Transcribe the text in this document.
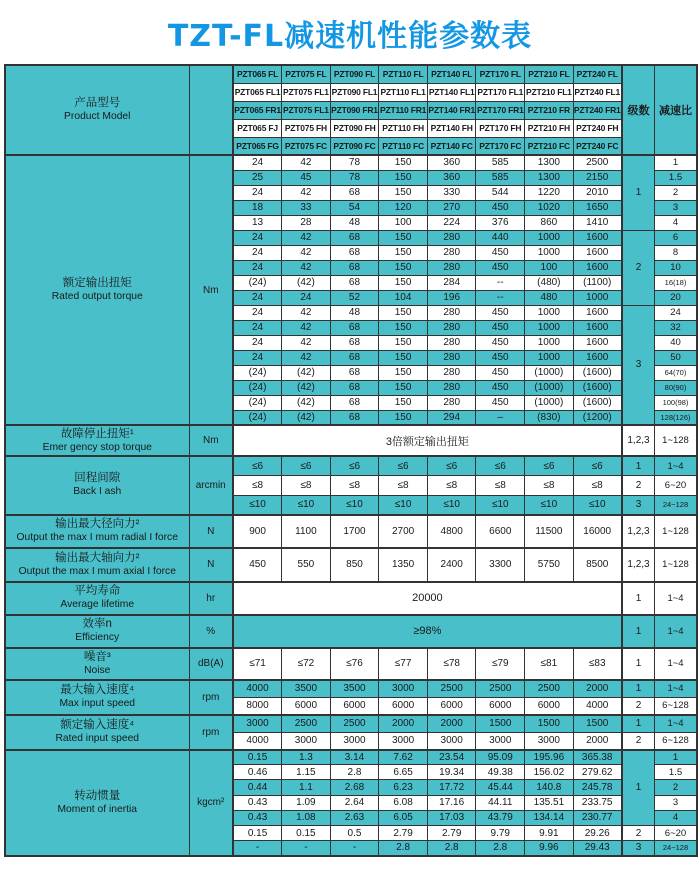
TZT-FL减速机性能参数表
产品型号
Product Model		PZT065 FL	PZT075 FL	PZT090 FL	PZT110 FL	PZT140 FL	PZT170 FL	PZT210 FL	PZT240 FL	级数	减速比
		PZT065 FL1	PZT075 FL1	PZT090 FL1	PZT110 FL1	PZT140 FL1	PZT170 FL1	PZT210 FL1	PZT240 FL1		
		PZT065 FR1	PZT075 FL1	PZT090 FR1	PZT110 FR1	PZT140 FR1	PZT170 FR1	PZT210 FR	PZT240 FR1		
		PZT065 FJ	PZT075 FH	PZT090 FH	PZT110 FH	PZT140 FH	PZT170 FH	PZT210 FH	PZT240 FH		
		PZT065 FG	PZT075 FC	PZT090 FC	PZT110 FC	PZT140 FC	PZT170 FC	PZT210 FC	PZT240 FC		

额定输出扭矩
Rated output torque	Nm	24	42	78	150	360	585	1300	2500	1	1
		25	45	78	150	360	585	1300	2150		1.5
		24	42	68	150	330	544	1220	2010		2
		18	33	54	120	270	450	1020	1650		3
		13	28	48	100	224	376	860	1410		4
		24	42	68	150	280	440	1000	1600	2	6
		24	42	68	150	280	450	1000	1600		8
		24	42	68	150	280	450	100	1600		10
		(24)	(42)	68	150	284	--	(480)	(1100)		16(18)
		24	24	52	104	196	--	480	1000		20
		24	42	48	150	280	450	1000	1600	3	24
		24	42	68	150	280	450	1000	1600		32
		24	42	68	150	280	450	1000	1600		40
		24	42	68	150	280	450	1000	1600		50
		(24)	(42)	68	150	280	450	(1000)	(1600)		64(70)
		(24)	(42)	68	150	280	450	(1000)	(1600)		80(90)
		(24)	(42)	68	150	280	450	(1000)	(1600)		100(98)
		(24)	(42)	68	150	294	–	(830)	(1200)		128(126)

故障停止扭矩¹
Emer gency stop torque	Nm	3倍额定输出扭矩								1,2,3	1~128

回程间隙
Back I ash	arcmin	≤6	≤6	≤6	≤6	≤6	≤6	≤6	≤6	1	1~4
		≤8	≤8	≤8	≤8	≤8	≤8	≤8	≤8	2	6~20
		≤10	≤10	≤10	≤10	≤10	≤10	≤10	≤10	3	24~128

输出最大径向力²
Output the max I mum radial I force	N	900	1100	1700	2700	4800	6600	11500	16000	1,2,3	1~128

输出最大轴向力²
Output the max I mum axial I force	N	450	550	850	1350	2400	3300	5750	8500	1,2,3	1~128

平均寿命
Average lifetime	hr	20000								1	1~4

效率n
Efficiency	%	≥98%								1	1~4

噪音³
Noise	dB(A)	≤71	≤72	≤76	≤77	≤78	≤79	≤81	≤83	1	1~4

最大输入速度⁴
Max input speed	rpm	4000	3500	3500	3000	2500	2500	2500	2000	1	1~4
		8000	6000	6000	6000	6000	6000	6000	4000	2	6~128

额定输入速度⁴
Rated input speed	rpm	3000	2500	2500	2000	2000	1500	1500	1500	1	1~4
		4000	3000	3000	3000	3000	3000	3000	2000	2	6~128

转动惯量
Moment of inertia	kgcm²	0.15	1.3	3.14	7.62	23.54	95.09	195.96	365.38	1	1
		0.46	1.15	2.8	6.65	19.34	49.38	156.02	279.62		1.5
		0.44	1.1	2.68	6.23	17.72	45.44	140.8	245.78		2
		0.43	1.09	2.64	6.08	17.16	44.11	135.51	233.75		3
		0.43	1.08	2.63	6.05	17.03	43.79	134.14	230.77		4
		0.15	0.15	0.5	2.79	2.79	9.79	9.91	29.26	2	6~20
		-	-	-	2.8	2.8	2.8	9.96	29.43	3	24~128
